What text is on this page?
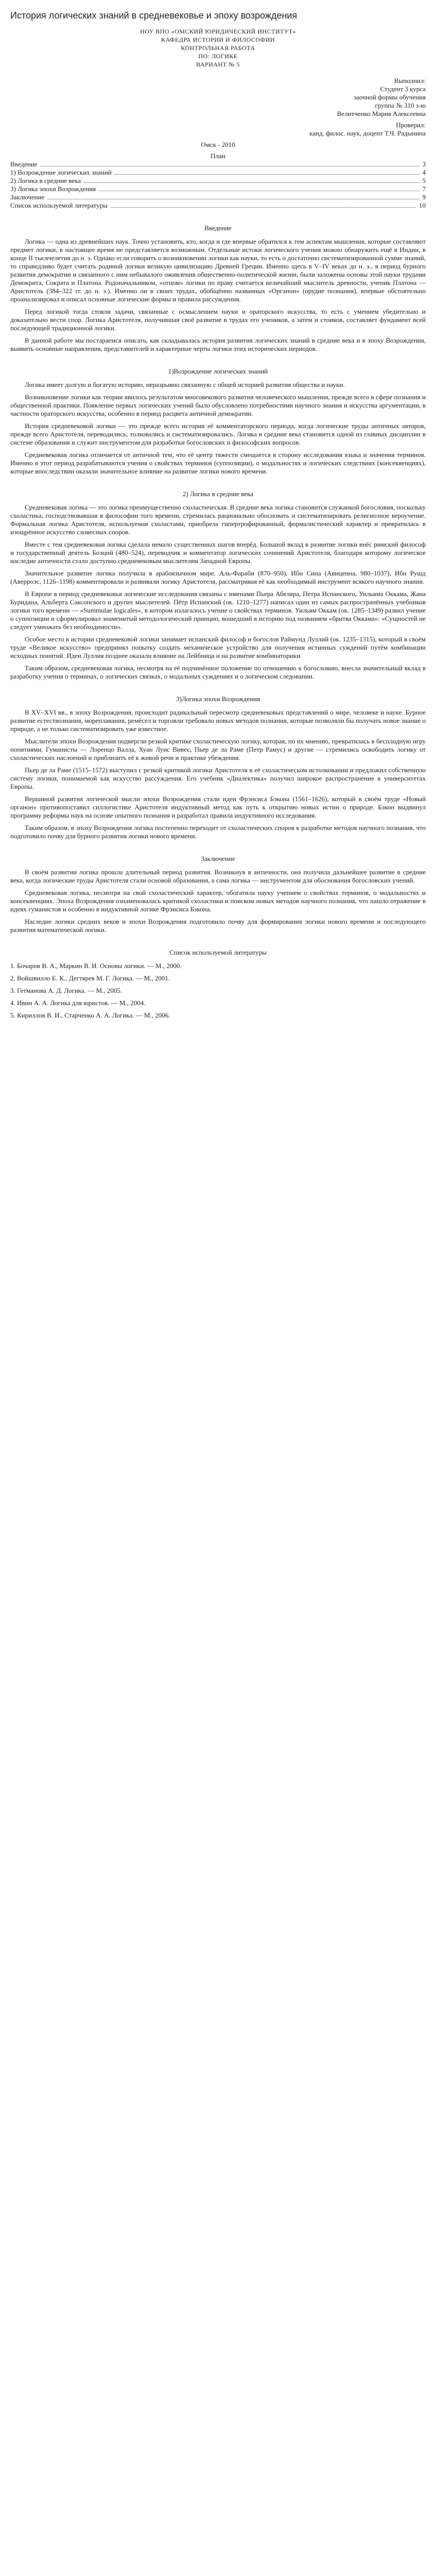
История логических знаний в средневековье и эпоху возрождения
НОУ ВПО «ОМСКИЙ ЮРИДИЧЕСКИЙ ИНСТИТУТ»
КАФЕДРА ИСТОРИИ И ФИЛОСОФИИ
КОНТРОЛЬНАЯ РАБОТА
ПО: ЛОГИКЕ
ВАРИАНТ № 5
Выполнил:
Студент 3 курса
заочной формы обучения
группа № 310 з-ю
Велитченко Мария Алексеевна
Проверил:
канд. филос. наук, доцент Т.Ч. Радынина
Омск - 2010
План
Введение	3
1) Возрождение логических знаний	4
2) Логика в средние века	5
3) Логика эпохи Возрождения	7
Заключение	9
Список используемой литературы	10
Введение

Логика — одна из древнейших наук. Точно установить, кто, когда и где впервые обратился к тем аспектам мышления, которые составляют предмет логики, в настоящее время не представляется возможным. Отдельные истоки логического учения можно обнаружить ещё в Индии, в конце II тысячелетия до н. э. Однако если говорить о возникновении логики как науки, то есть о достаточно систематизированной сумме знаний, то справедливо будет считать родиной логики великую цивилизацию Древней Греции. Именно здесь в V–IV веках до н. э., в период бурного развития демократии и связанного с ним небывалого оживления общественно-политической жизни, были заложены основы этой науки трудами Демокрита, Сократа и Платона. Родоначальником, «отцом» логики по праву считается величайший мыслитель древности, ученик Платона — Аристотель (384–322 гг. до н. э.). Именно он в своих трудах, обобщённо названных «Органон» (орудие познания), впервые обстоятельно проанализировал и описал основные логические формы и правила рассуждения.

Перед логикой тогда стояли задачи, связанные с осмыслением науки и ораторского искусства, то есть с умением убедительно и доказательно вести спор. Логика Аристотеля, получившая своё развитие в трудах его учеников, а затем и стоиков, составляет фундамент всей последующей традиционной логики.

В данной работе мы постараемся описать, как складывалась история развития логических знаний в средние века и в эпоху Возрождения, выявить основные направления, представителей и характерные черты логики этих исторических периодов.

1)Возрождение логических знаний

Логика имеет долгую и богатую историю, неразрывно связанную с общей историей развития общества и науки.

Возникновение логики как теории явилось результатом многовекового развития человеческого мышления, прежде всего в сфере познания и общественной практики. Появление первых логических учений было обусловлено потребностями научного знания и искусства аргументации, в частности ораторского искусства, особенно в период расцвета античной демократии.

История средневековой логики — это прежде всего история её комментаторского периода, когда логические труды античных авторов, прежде всего Аристотеля, переводились, толковались и систематизировались. Логика в средние века становится одной из главных дисциплин в системе образования и служит инструментом для разработки богословских и философских вопросов.

Средневековая логика отличается от античной тем, что её центр тяжести смещается в сторону исследования языка и значения терминов. Именно в этот период разрабатываются учения о свойствах терминов (суппозиции), о модальностях и логических следствиях (консеквенциях), которые впоследствии оказали значительное влияние на развитие логики нового времени.

2) Логика в средние века

Средневековая логика — это логика преимущественно схоластическая. В средние века логика становится служанкой богословия, поскольку схоластика, господствовавшая в философии того времени, стремилась рационально обосновать и систематизировать религиозное вероучение. Формальная логика Аристотеля, используемая схоластами, приобрела гипертрофированный, формалистический характер и превратилась в изощрённое искусство словесных споров.

Вместе с тем средневековая логика сделала немало существенных шагов вперёд. Большой вклад в развитие логики внёс римский философ и государственный деятель Боэций (480–524), переводчик и комментатор логических сочинений Аристотеля, благодаря которому логическое наследие античности стало доступно средневековым мыслителям Западной Европы.

Значительное развитие логика получила в арабоязычном мире. Аль-Фараби (870–950), Ибн Сина (Авиценна, 980–1037), Ибн Рушд (Аверроэс, 1126–1198) комментировали и развивали логику Аристотеля, рассматривая её как необходимый инструмент всякого научного знания.

В Европе в период средневековья логические исследования связаны с именами Пьера Абеляра, Петра Испанского, Уильяма Оккама, Жана Буридана, Альберта Саксонского и других мыслителей. Пётр Испанский (ок. 1210–1277) написал один из самых распространённых учебников логики того времени — «Summulae logicales», в котором излагалось учение о свойствах терминов. Уильям Оккам (ок. 1285–1349) развил учение о суппозиции и сформулировал знаменитый методологический принцип, вошедший в историю под названием «бритва Оккама»: «Сущностей не следует умножать без необходимости».

Особое место в истории средневековой логики занимает испанский философ и богослов Раймунд Луллий (ок. 1235–1315), который в своём труде «Великое искусство» предпринял попытку создать механическое устройство для получения истинных суждений путём комбинации исходных понятий. Идеи Луллия позднее оказали влияние на Лейбница и на развитие комбинаторики.

Таким образом, средневековая логика, несмотря на её подчинённое положение по отношению к богословию, внесла значительный вклад в разработку учения о терминах, о логических связках, о модальных суждениях и о логическом следовании.

3)Логика эпохи Возрождения

В XV–XVI вв., в эпоху Возрождения, происходит радикальный пересмотр средневековых представлений о мире, человеке и науке. Бурное развитие естествознания, мореплавания, ремёсел и торговли требовало новых методов познания, которые позволяли бы получать новое знание о природе, а не только систематизировать уже известное.

Мыслители эпохи Возрождения подвергли резкой критике схоластическую логику, которая, по их мнению, превратилась в бесплодную игру понятиями. Гуманисты — Лоренцо Валла, Хуан Луис Вивес, Пьер де ла Раме (Петр Рамус) и другие — стремились освободить логику от схоластических наслоений и приблизить её к живой речи и практике убеждения.

Пьер де ла Раме (1515–1572) выступил с резкой критикой логики Аристотеля в её схоластическом истолковании и предложил собственную систему логики, понимаемой как искусство рассуждения. Его учебник «Диалектика» получил широкое распространение в университетах Европы.

Вершиной развития логической мысли эпохи Возрождения стали идеи Фрэнсиса Бэкона (1561–1626), который в своём труде «Новый органон» противопоставил силлогистике Аристотеля индуктивный метод как путь к открытию новых истин о природе. Бэкон выдвинул программу реформы наук на основе опытного познания и разработал правила индуктивного исследования.

Таким образом, в эпоху Возрождения логика постепенно переходит от схоластических споров к разработке методов научного познания, что подготовило почву для бурного развития логики нового времени.

Заключение

В своём развитии логика прошла длительный период развития. Возникнув в античности, она получила дальнейшее развитие в средние века, когда логические труды Аристотеля стали основой образования, а сама логика — инструментом для обоснования богословских учений.

Средневековая логика, несмотря на свой схоластический характер, обогатила науку учением о свойствах терминов, о модальностях и консеквенциях. Эпоха Возрождения ознаменовалась критикой схоластики и поиском новых методов научного познания, что нашло отражение в идеях гуманистов и особенно в индуктивной логике Фрэнсиса Бэкона.

Наследие логики средних веков и эпохи Возрождения подготовило почву для формирования логики нового времени и последующего развития математической логики.

Список используемой литературы
1. Бочаров В. А., Маркин В. И. Основы логики. — М., 2000.
2. Войшвилло Е. К., Дегтярев М. Г. Логика. — М., 2001.
3. Гетманова А. Д. Логика. — М., 2005.
4. Ивин А. А. Логика для юристов. — М., 2004.
5. Кириллов В. И., Старченко А. А. Логика. — М., 2006.
